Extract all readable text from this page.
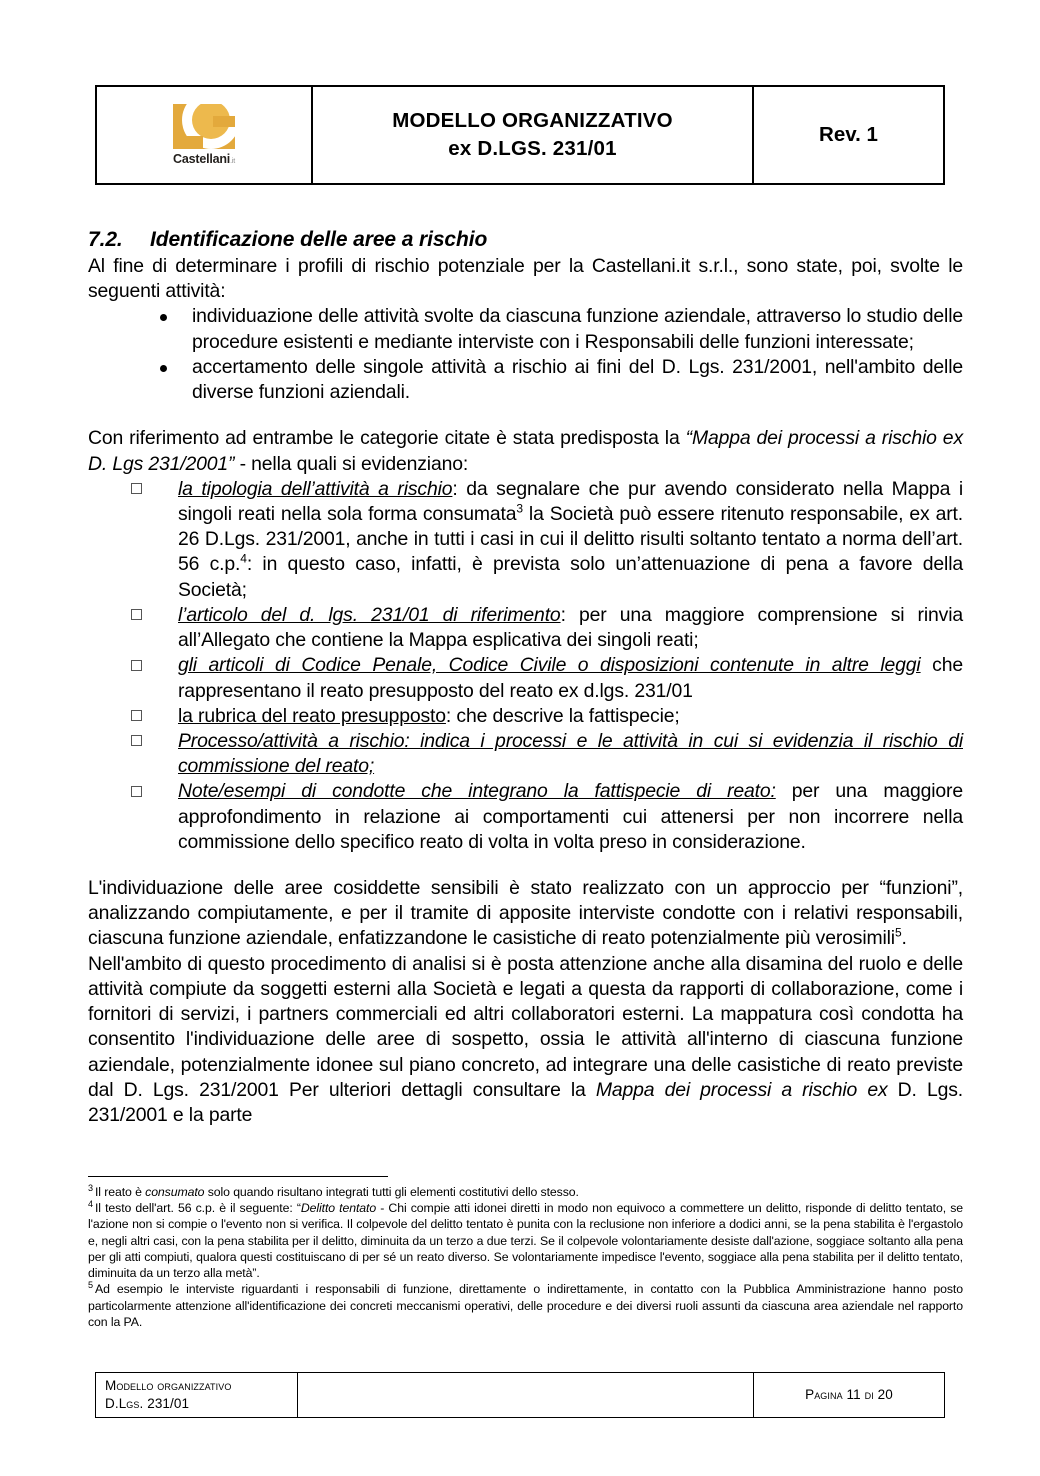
Castellani.it
MODELLO ORGANIZZATIVO
ex D.LGS. 231/01
Rev. 1
7.2. Identificazione delle aree a rischio

Al fine di determinare i profili di rischio potenziale per la Castellani.it s.r.l., sono state, poi, svolte le seguenti attività:

individuazione delle attività svolte da ciascuna funzione aziendale, attraverso lo studio delle procedure esistenti e mediante interviste con i Responsabili delle funzioni interessate;
accertamento delle singole attività a rischio ai fini del D. Lgs. 231/2001, nell'ambito delle diverse funzioni aziendali.

Con riferimento ad entrambe le categorie citate è stata predisposta la “Mappa dei processi a rischio ex D. Lgs 231/2001” - nella quali si evidenziano:

la tipologia dell’attività a rischio: da segnalare che pur avendo considerato nella Mappa i singoli reati nella sola forma consumata$^3$ la Società può essere ritenuto responsabile, ex art. 26 D.Lgs. 231/2001, anche in tutti i casi in cui il delitto risulti soltanto tentato a norma dell’art. 56 c.p.$^4$: in questo caso, infatti, è prevista solo un’attenuazione di pena a favore della Società;
l’articolo del d. lgs. 231/01 di riferimento: per una maggiore comprensione si rinvia all’Allegato che contiene la Mappa esplicativa dei singoli reati;
gli articoli di Codice Penale, Codice Civile o disposizioni contenute in altre leggi che rappresentano il reato presupposto del reato ex d.lgs. 231/01
la rubrica del reato presupposto: che descrive la fattispecie;
Processo/attività a rischio: indica i processi e le attività in cui si evidenzia il rischio di commissione del reato;
Note/esempi di condotte che integrano la fattispecie di reato: per una maggiore approfondimento in relazione ai comportamenti cui attenersi per non incorrere nella commissione dello specifico reato di volta in volta preso in considerazione.

L'individuazione delle aree cosiddette sensibili è stato realizzato con un approccio per “funzioni”, analizzando compiutamente, e per il tramite di apposite interviste condotte con i relativi responsabili, ciascuna funzione aziendale, enfatizzandone le casistiche di reato potenzialmente più verosimili$^5$.

Nell'ambito di questo procedimento di analisi si è posta attenzione anche alla disamina del ruolo e delle attività compiute da soggetti esterni alla Società e legati a questa da rapporti di collaborazione, come i fornitori di servizi, i partners commerciali ed altri collaboratori esterni. La mappatura così condotta ha consentito l'individuazione delle aree di sospetto, ossia le attività all'interno di ciascuna funzione aziendale, potenzialmente idonee sul piano concreto, ad integrare una delle casistiche di reato previste dal D. Lgs. 231/2001 Per ulteriori dettagli consultare la Mappa dei processi a rischio ex D. Lgs. 231/2001 e la parte

$^3$ Il reato è consumato solo quando risultano integrati tutti gli elementi costitutivi dello stesso.

$^4$ Il testo dell'art. 56 c.p. è il seguente: “Delitto tentato - Chi compie atti idonei diretti in modo non equivoco a commettere un delitto, risponde di delitto tentato, se l'azione non si compie o l'evento non si verifica. Il colpevole del delitto tentato è punita con la reclusione non inferiore a dodici anni, se la pena stabilita è l'ergastolo e, negli altri casi, con la pena stabilita per il delitto, diminuita da un terzo a due terzi. Se il colpevole volontariamente desiste dall'azione, soggiace soltanto alla pena per gli atti compiuti, qualora questi costituiscano di per sé un reato diverso. Se volontariamente impedisce l'evento, soggiace alla pena stabilita per il delitto tentato, diminuita da un terzo alla metà”.

$^5$ Ad esempio le interviste riguardanti i responsabili di funzione, direttamente o indirettamente, in contatto con la Pubblica Amministrazione hanno posto particolarmente attenzione all'identificazione dei concreti meccanismi operativi, delle procedure e dei diversi ruoli assunti da ciascuna area aziendale nel rapporto con la PA.

Modello organizzativo
D.Lgs. 231/01
Pagina 11 di 20
